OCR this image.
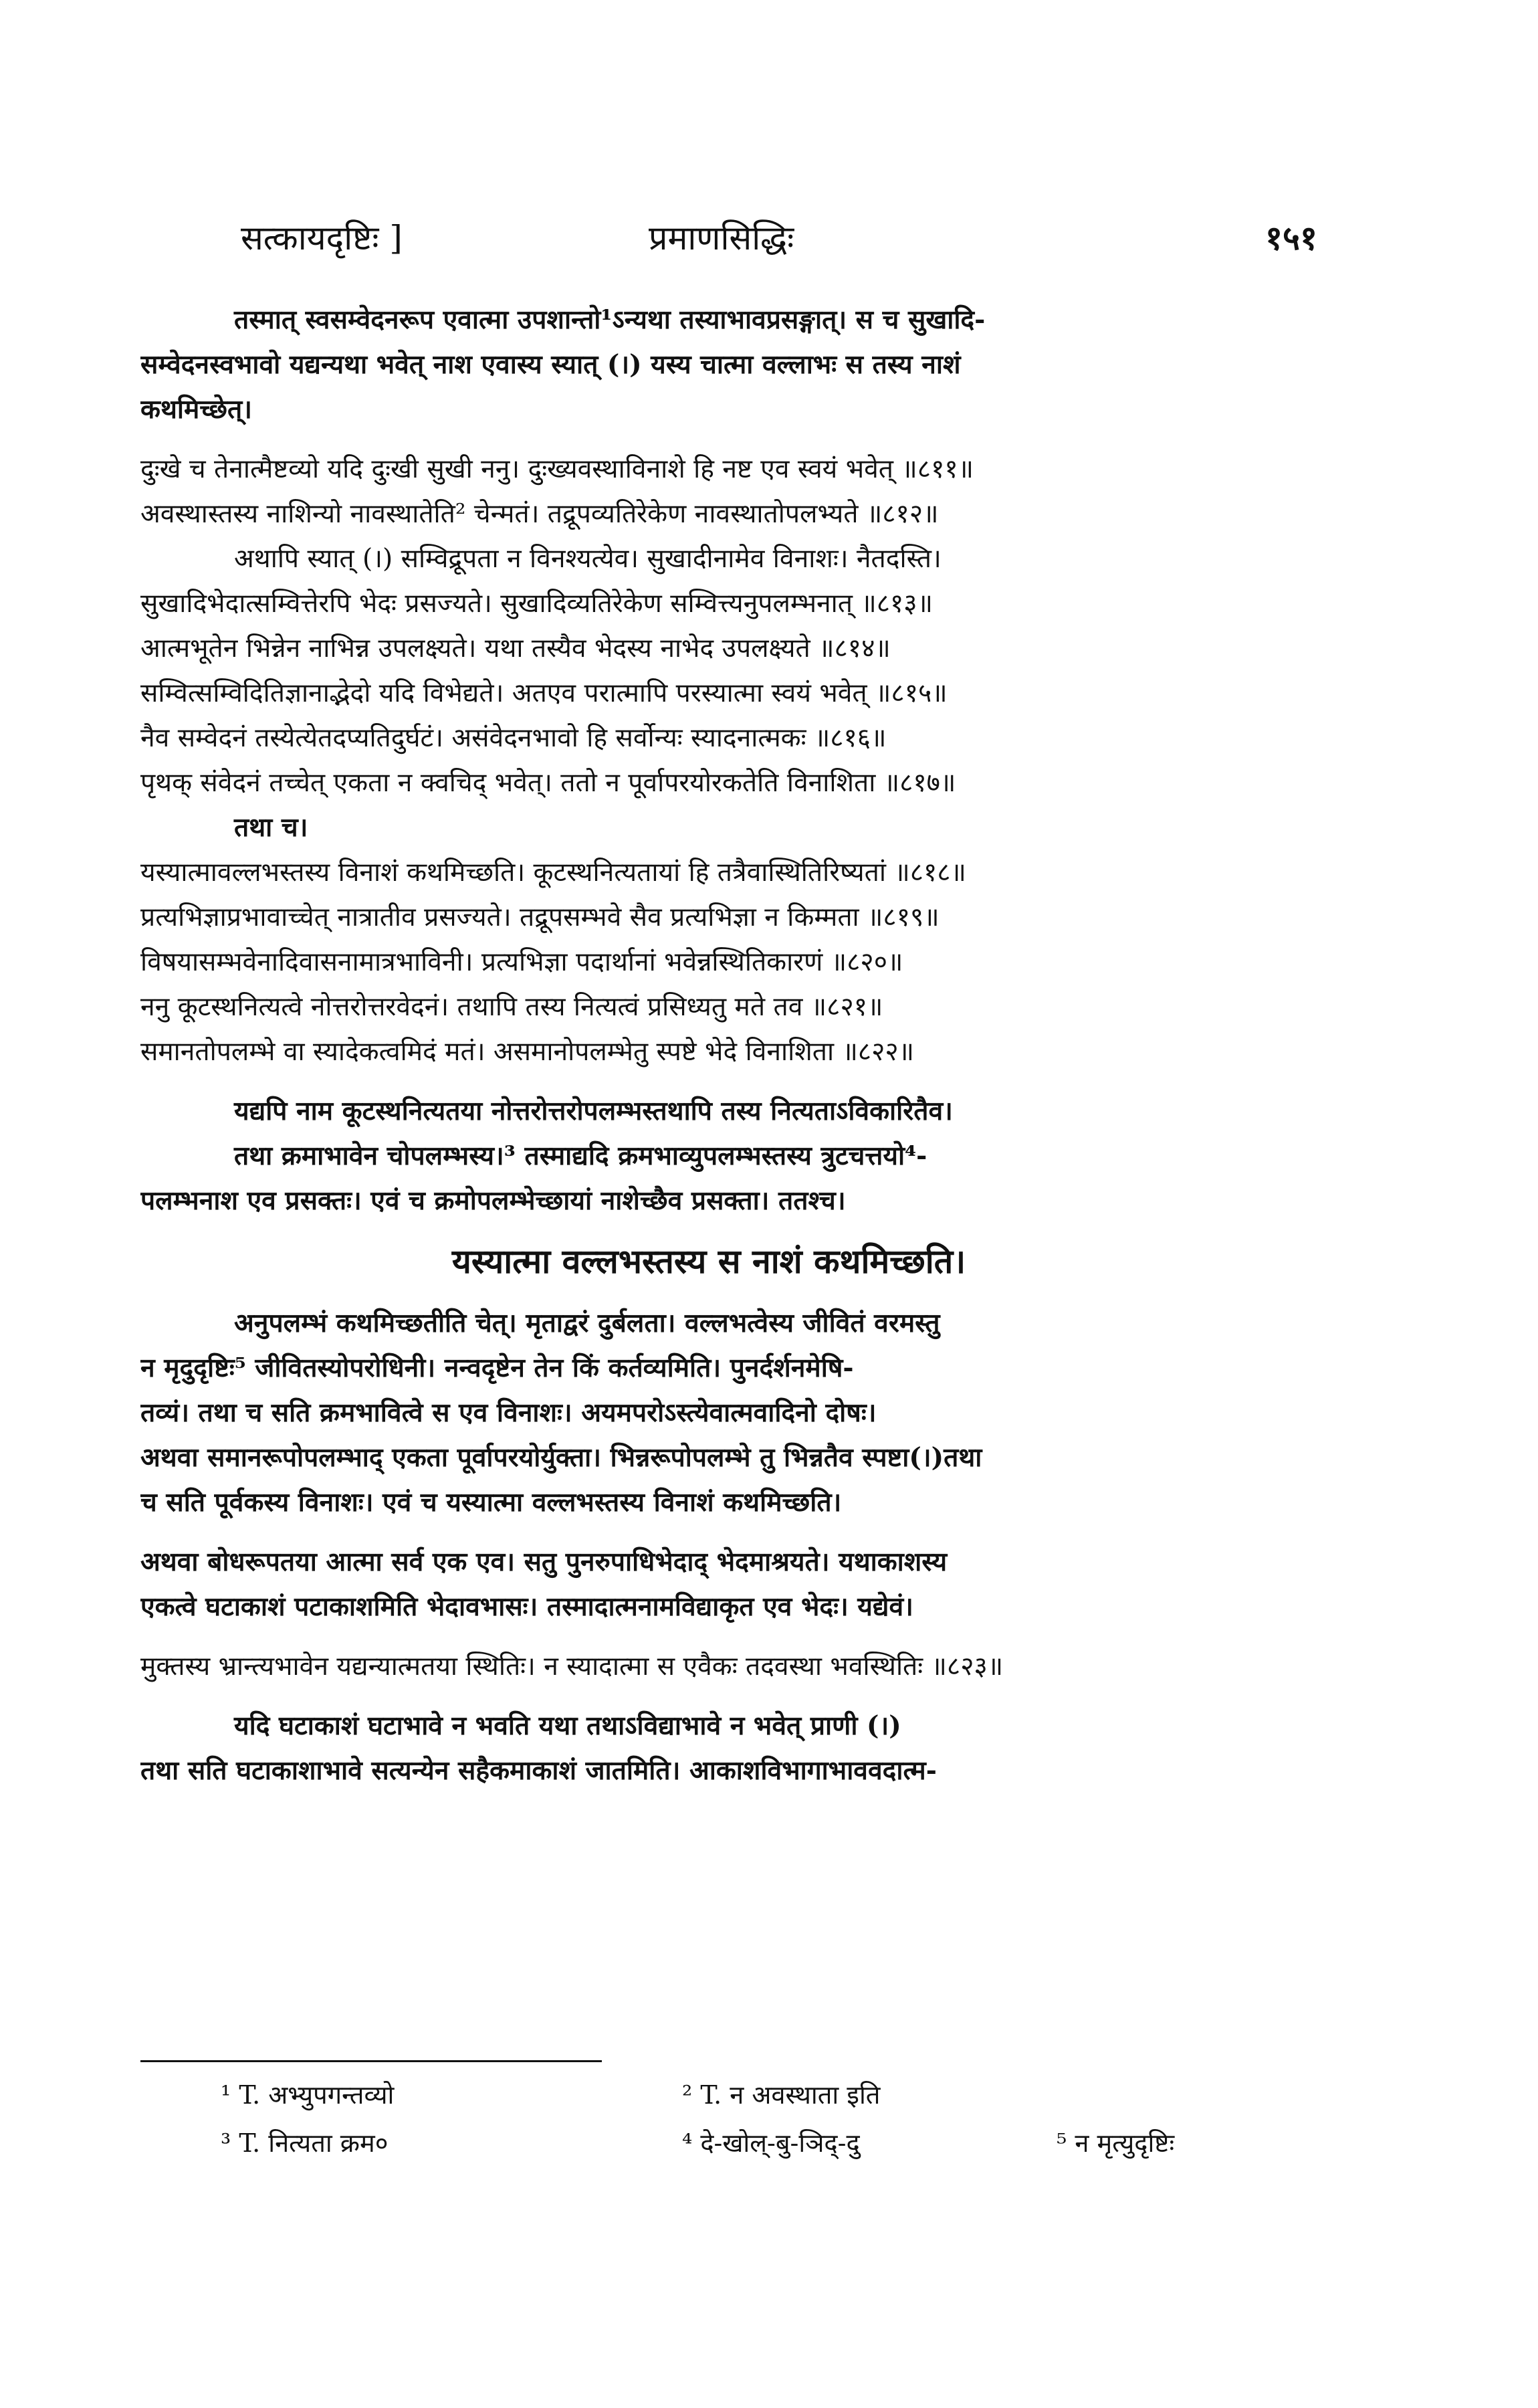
सत्कायदृष्टिः ]	प्रमाणसिद्धिः	१५१
तस्मात् स्वसम्वेदनरूप एवात्मा उपशान्तो¹ऽन्यथा तस्याभावप्रसङ्गात्। स च सुखादि-
सम्वेदनस्वभावो यद्यन्यथा भवेत् नाश एवास्य स्यात् (।) यस्य चात्मा वल्लाभः स तस्य नाशं
कथमिच्छेत्।
दुःखे च तेनात्मैष्टव्यो यदि दुःखी सुखी ननु। दुःख्यवस्थाविनाशे हि नष्ट एव स्वयं भवेत् ॥८११॥
अवस्थास्तस्य नाशिन्यो नावस्थातेति² चेन्मतं। तद्रूपव्यतिरेकेण नावस्थातोपलभ्यते ॥८१२॥
अथापि स्यात् (।) सम्विद्रूपता न विनश्यत्येव। सुखादीनामेव विनाशः। नैतदस्ति।
सुखादिभेदात्सम्वित्तेरपि भेदः प्रसज्यते। सुखादिव्यतिरेकेण सम्वित्त्यनुपलम्भनात् ॥८१३॥
आत्मभूतेन भिन्नेन नाभिन्न उपलक्ष्यते। यथा तस्यैव भेदस्य नाभेद उपलक्ष्यते ॥८१४॥
सम्वित्सम्विदितिज्ञानाद्भेदो यदि विभेद्यते। अतएव परात्मापि परस्यात्मा स्वयं भवेत् ॥८१५॥
नैव सम्वेदनं तस्येत्येतदप्यतिदुर्घटं। असंवेदनभावो हि सर्वोन्यः स्यादनात्मकः ॥८१६॥
पृथक् संवेदनं तच्चेत् एकता न क्वचिद् भवेत्। ततो न पूर्वापरयोरकतेति विनाशिता ॥८१७॥
तथा च।
यस्यात्मावल्लभस्तस्य विनाशं कथमिच्छति। कूटस्थनित्यतायां हि तत्रैवास्थितिरिष्यतां ॥८१८॥
प्रत्यभिज्ञाप्रभावाच्चेत् नात्रातीव प्रसज्यते। तद्रूपसम्भवे सैव प्रत्यभिज्ञा न किम्मता ॥८१९॥
विषयासम्भवेनादिवासनामात्रभाविनी। प्रत्यभिज्ञा पदार्थानां भवेन्नस्थितिकारणं ॥८२०॥
ननु कूटस्थनित्यत्वे नोत्तरोत्तरवेदनं। तथापि तस्य नित्यत्वं प्रसिध्यतु मते तव ॥८२१॥
समानतोपलम्भे वा स्यादेकत्वमिदं मतं। असमानोपलम्भेतु स्पष्टे भेदे विनाशिता ॥८२२॥
यद्यपि नाम कूटस्थनित्यतया नोत्तरोत्तरोपलम्भस्तथापि तस्य नित्यताऽविकारितैव।
तथा क्रमाभावेन चोपलम्भस्य।³ तस्माद्यदि क्रमभाव्युपलम्भस्तस्य त्रुटचत्तयो⁴-
पलम्भनाश एव प्रसक्तः। एवं च क्रमोपलम्भेच्छायां नाशेच्छैव प्रसक्ता। ततश्च।
यस्यात्मा वल्लभस्तस्य स नाशं कथमिच्छति।
अनुपलम्भं कथमिच्छतीति चेत्। मृताद्वरं दुर्बलता। वल्लभत्वेस्य जीवितं वरमस्तु
न मृदुदृष्टिः⁵ जीवितस्योपरोधिनी। नन्वदृष्टेन तेन किं कर्तव्यमिति। पुनर्दर्शनमेषि-
तव्यं। तथा च सति क्रमभावित्वे स एव विनाशः। अयमपरोऽस्त्येवात्मवादिनो दोषः।
अथवा समानरूपोपलम्भाद् एकता पूर्वापरयोर्युक्ता। भिन्नरूपोपलम्भे तु भिन्नतैव स्पष्टा(।)तथा
च सति पूर्वकस्य विनाशः। एवं च यस्यात्मा वल्लभस्तस्य विनाशं कथमिच्छति।
अथवा बोधरूपतया आत्मा सर्व एक एव। सतु पुनरुपाधिभेदाद् भेदमाश्रयते। यथाकाशस्य
एकत्वे घटाकाशं पटाकाशमिति भेदावभासः। तस्मादात्मनामविद्याकृत एव भेदः। यद्येवं।
मुक्तस्य भ्रान्त्यभावेन यद्यन्यात्मतया स्थितिः। न स्यादात्मा स एवैकः तदवस्था भवस्थितिः ॥८२३॥
यदि घटाकाशं घटाभावे न भवति यथा तथाऽविद्याभावे न भवेत् प्राणी (।)
तथा सति घटाकाशाभावे सत्यन्येन सहैकमाकाशं जातमिति। आकाशविभागाभाववदात्म-
¹ T. अभ्युपगन्तव्यो	² T. न अवस्थाता इति
³ T. नित्यता क्रम०	⁴ दे-खोल्-बु-ञिद्-दु	⁵ न मृत्युदृष्टिः
